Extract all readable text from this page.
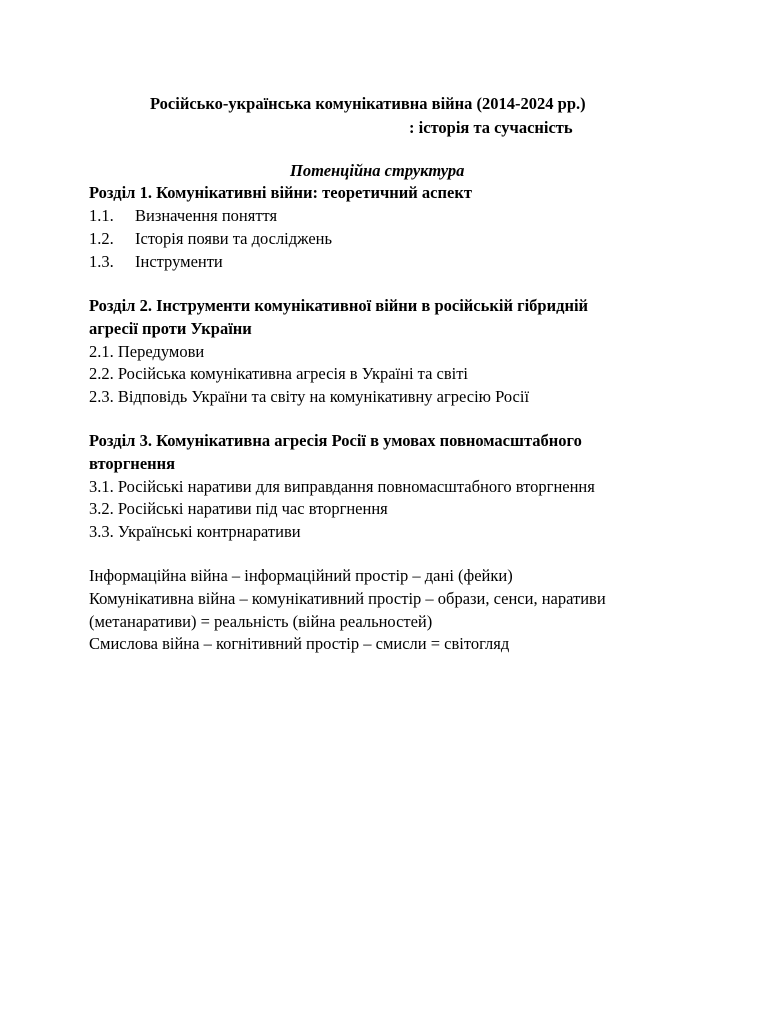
Російсько-українська комунікативна війна (2014-2024 рр.)
: історія та сучасність
Потенційна структура
Розділ 1. Комунікативні війни: теоретичний аспект
1.1. Визначення поняття
1.2. Історія появи та досліджень
1.3. Інструменти
Розділ 2. Інструменти комунікативної війни в російській гібридній
агресії проти України
2.1. Передумови
2.2. Російська комунікативна агресія в Україні та світі
2.3. Відповідь України та світу на комунікативну агресію Росії
Розділ 3. Комунікативна агресія Росії в умовах повномасштабного
вторгнення
3.1. Російські наративи для виправдання повномасштабного вторгнення
3.2. Російські наративи під час вторгнення
3.3. Українські контрнаративи
Інформаційна війна – інформаційний простір – дані (фейки)
Комунікативна війна – комунікативний простір – образи, сенси, наративи
(метанаративи) = реальність (війна реальностей)
Смислова війна – когнітивний простір – смисли = світогляд
